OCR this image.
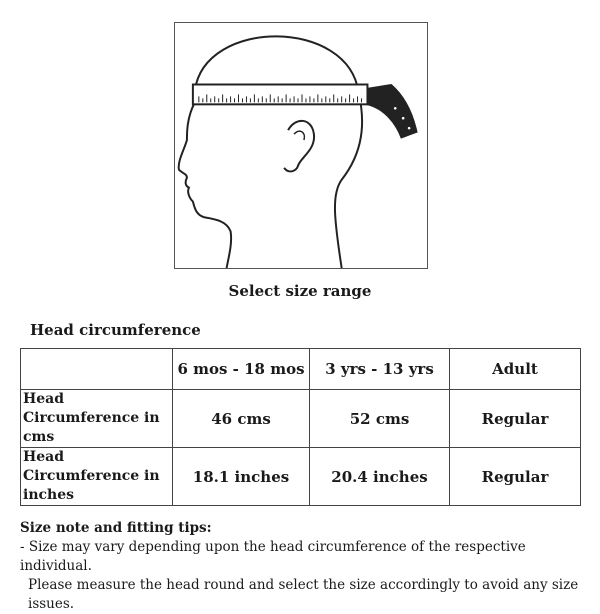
Select size range
Head circumference
	6 mos - 18 mos	3 yrs - 13 yrs	Adult
Head Circumference in cms	46 cms	52 cms	Regular
Head Circumference in inches	18.1 inches	20.4 inches	Regular
Size note and fitting tips:
- Size may vary depending upon the head circumference of the respective individual.
Please measure the head round and select the size accordingly to avoid any size issues.
